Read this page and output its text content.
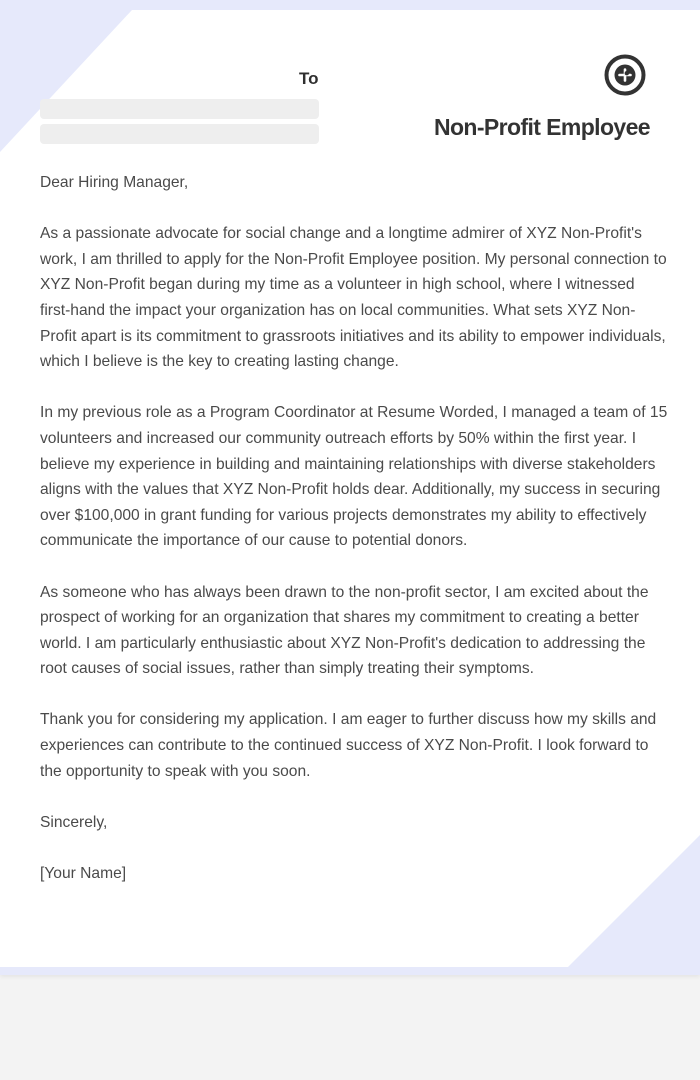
To
Non-Profit Employee

Dear Hiring Manager,

As a passionate advocate for social change and a longtime admirer of XYZ Non-Profit's work, I am thrilled to apply for the Non-Profit Employee position. My personal connection to XYZ Non-Profit began during my time as a volunteer in high school, where I witnessed first-hand the impact your organization has on local communities. What sets XYZ Non-Profit apart is its commitment to grassroots initiatives and its ability to empower individuals, which I believe is the key to creating lasting change.

In my previous role as a Program Coordinator at Resume Worded, I managed a team of 15 volunteers and increased our community outreach efforts by 50% within the first year. I believe my experience in building and maintaining relationships with diverse stakeholders aligns with the values that XYZ Non-Profit holds dear. Additionally, my success in securing over $100,000 in grant funding for various projects demonstrates my ability to effectively communicate the importance of our cause to potential donors.

As someone who has always been drawn to the non-profit sector, I am excited about the prospect of working for an organization that shares my commitment to creating a better world. I am particularly enthusiastic about XYZ Non-Profit's dedication to addressing the root causes of social issues, rather than simply treating their symptoms.

Thank you for considering my application. I am eager to further discuss how my skills and experiences can contribute to the continued success of XYZ Non-Profit. I look forward to the opportunity to speak with you soon.

Sincerely,

[Your Name]
